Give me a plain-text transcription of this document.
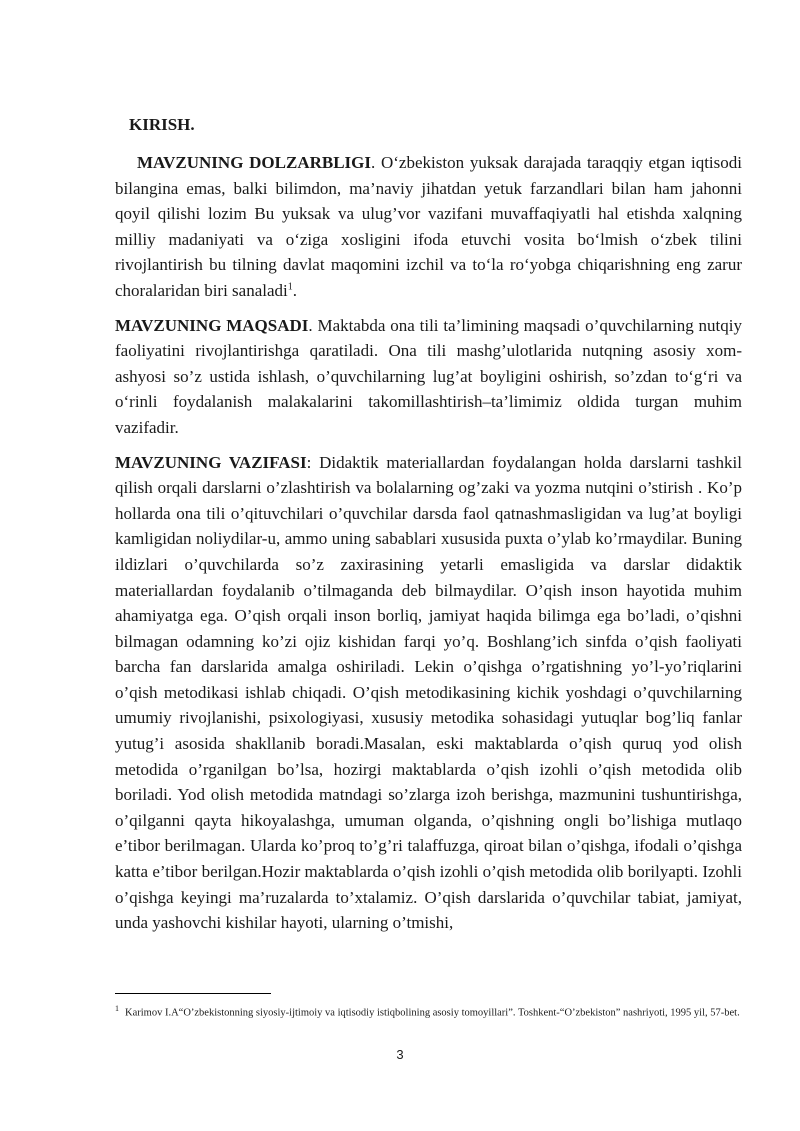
KIRISH.

MAVZUNING DOLZARBLIGI. O‘zbekiston yuksak darajada taraqqiy etgan iqtisodi bilangina emas, balki bilimdon, ma’naviy jihatdan yetuk farzandlari bilan ham jahonni qoyil qilishi lozim Bu yuksak va ulug’vor vazifani muvaffaqiyatli hal etishda xalqning milliy madaniyati va o‘ziga xosligini ifoda etuvchi vosita bo‘lmish o‘zbek tilini rivojlantirish bu tilning davlat maqomini izchil va to‘la ro‘yobga chiqarishning eng zarur choralaridan biri sanaladi$^1$.

MAVZUNING MAQSADI. Maktabda ona tili ta’limining maqsadi o’quvchilarning nutqiy faoliyatini rivojlantirishga qaratiladi. Ona tili mashg’ulotlarida nutqning asosiy xom-ashyosi so’z ustida ishlash, o’quvchilarning lug’at boyligini oshirish, so’zdan to‘g‘ri va o‘rinli foydalanish malakalarini takomillashtirish–ta’limimiz oldida turgan muhim vazifadir.

MAVZUNING VAZIFASI: Didaktik materiallardan foydalangan holda darslarni tashkil qilish orqali darslarni o’zlashtirish va bolalarning og’zaki va yozma nutqini o’stirish . Ko’p hollarda ona tili o’qituvchilari o’quvchilar darsda faol qatnashmasligidan va lug’at boyligi kamligidan noliydilar-u, ammo uning sabablari xususida puxta o’ylab ko’rmaydilar. Buning ildizlari o’quvchilarda so’z zaxirasining yetarli emasligida va darslar didaktik materiallardan foydalanib o’tilmaganda deb bilmaydilar. O’qish inson hayotida muhim ahamiyatga ega. O’qish orqali inson borliq, jamiyat haqida bilimga ega bo’ladi, o’qishni bilmagan odamning ko’zi ojiz kishidan farqi yo’q. Boshlang’ich sinfda o’qish faoliyati barcha fan darslarida amalga oshiriladi. Lekin o’qishga o’rgatishning yo’l-yo’riqlarini o’qish metodikasi ishlab chiqadi. O’qish metodikasining kichik yoshdagi o’quvchilarning umumiy rivojlanishi, psixologiyasi, xususiy metodika sohasidagi yutuqlar bog’liq fanlar yutug’i asosida shakllanib boradi.Masalan, eski maktablarda o’qish quruq yod olish metodida o’rganilgan bo’lsa, hozirgi maktablarda o’qish izohli o’qish metodida olib boriladi. Yod olish metodida matndagi so’zlarga izoh berishga, mazmunini tushuntirishga, o’qilganni qayta hikoyalashga, umuman olganda, o’qishning ongli bo’lishiga mutlaqo e’tibor berilmagan. Ularda ko’proq to’g’ri talaffuzga, qiroat bilan o’qishga, ifodali o’qishga katta e’tibor berilgan.Hozir maktablarda o’qish izohli o’qish metodida olib borilyapti. Izohli o’qishga keyingi ma’ruzalarda to’xtalamiz. O’qish darslarida o’quvchilar tabiat, jamiyat, unda yashovchi kishilar hayoti, ularning o’tmishi,

$^1$ Karimov I.A“O’zbekistonning siyosiy-ijtimoiy va iqtisodiy istiqbolining asosiy tomoyillari”. Toshkent-“O’zbekiston” nashriyoti, 1995 yil, 57-bet.
3
